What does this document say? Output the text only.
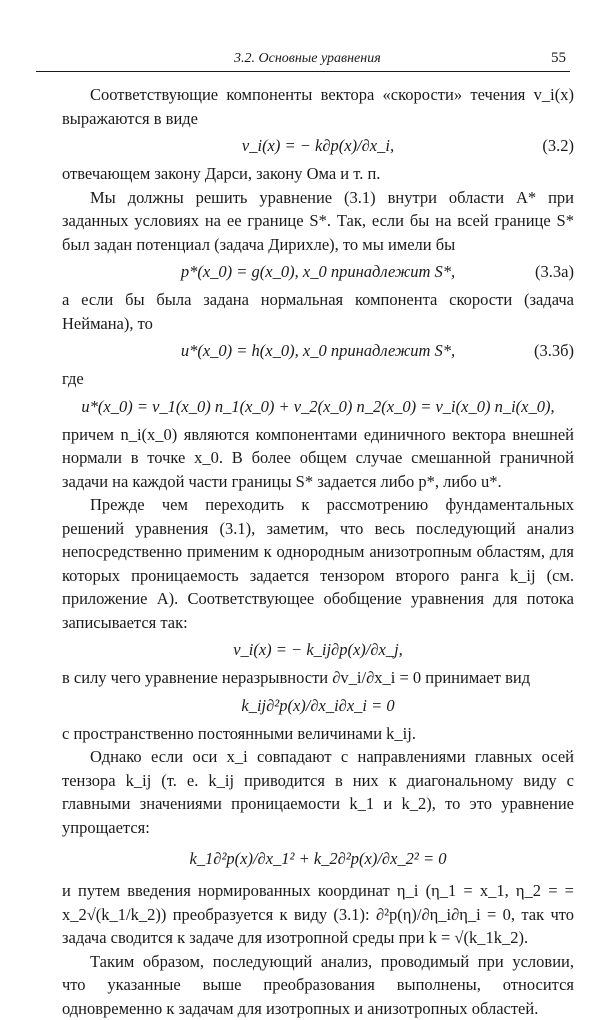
3.2. Основные уравнения	55

Соответствующие компоненты вектора «скорости» течения v_i(x) выражаются в виде

v_i(x) = − k∂p(x)/∂x_i,	(3.2)

отвечающем закону Дарси, закону Ома и т. п.

Мы должны решить уравнение (3.1) внутри области A* при заданных условиях на ее границе S*. Так, если бы на всей границе S* был задан потенциал (задача Дирихле), то мы имели бы

p*(x_0) = g(x_0), x_0 принадлежит S*,	(3.3а)

а если бы была задана нормальная компонента скорости (задача Неймана), то

u*(x_0) = h(x_0), x_0 принадлежит S*,	(3.3б)

где

u*(x_0) = v_1(x_0) n_1(x_0) + v_2(x_0) n_2(x_0) = v_i(x_0) n_i(x_0),

причем n_i(x_0) являются компонентами единичного вектора внешней нормали в точке x_0. В более общем случае смешанной граничной задачи на каждой части границы S* задается либо p*, либо u*.

Прежде чем переходить к рассмотрению фундаментальных решений уравнения (3.1), заметим, что весь последующий анализ непосредственно применим к однородным анизотропным областям, для которых проницаемость задается тензором второго ранга k_ij (см. приложение А). Соответствующее обобщение уравнения для потока записывается так:

v_i(x) = − k_ij∂p(x)/∂x_j,

в силу чего уравнение неразрывности ∂v_i/∂x_i = 0 принимает вид

k_ij∂²p(x)/∂x_i∂x_i = 0

с пространственно постоянными величинами k_ij.

Однако если оси x_i совпадают с направлениями главных осей тензора k_ij (т. е. k_ij приводится в них к диагональному виду с главными значениями проницаемости k_1 и k_2), то это уравнение упрощается:

k_1∂²p(x)/∂x_1² + k_2∂²p(x)/∂x_2² = 0

и путем введения нормированных координат η_i (η_1 = x_1, η_2 = = x_2√(k_1/k_2)) преобразуется к виду (3.1): ∂²p(η)/∂η_i∂η_i = 0, так что задача сводится к задаче для изотропной среды при k = √(k_1k_2).

Таким образом, последующий анализ, проводимый при условии, что указанные выше преобразования выполнены, относится одновременно к задачам для изотропных и анизотропных областей.
